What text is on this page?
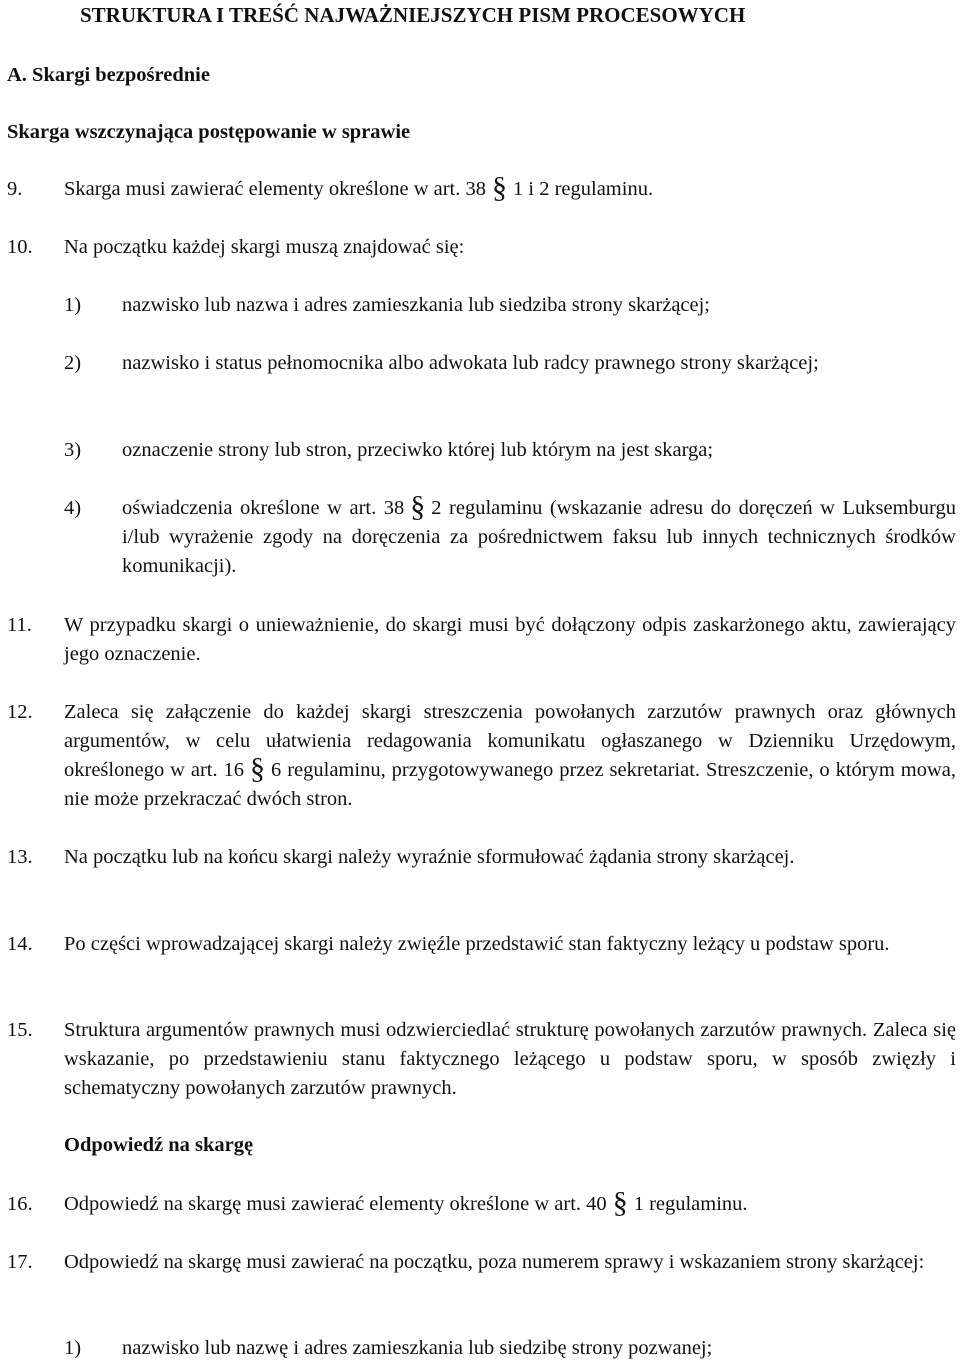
STRUKTURA I TREŚĆ NAJWAŻNIEJSZYCH PISM PROCESOWYCH
A. Skargi bezpośrednie
Skarga wszczynająca postępowanie w sprawie
9. Skarga musi zawierać elementy określone w art. 38 § 1 i 2 regulaminu.
10. Na początku każdej skargi muszą znajdować się:
1) nazwisko lub nazwa i adres zamieszkania lub siedziba strony skarżącej;
2) nazwisko i status pełnomocnika albo adwokata lub radcy prawnego strony skarżącej;
3) oznaczenie strony lub stron, przeciwko której lub którym na jest skarga;
4) oświadczenia określone w art. 38 § 2 regulaminu (wskazanie adresu do doręczeń w Luksemburgu i/lub wyrażenie zgody na doręczenia za pośrednictwem faksu lub innych technicznych środków komunikacji).
11. W przypadku skargi o unieważnienie, do skargi musi być dołączony odpis zaskarżonego aktu, zawierający jego oznaczenie.
12. Zaleca się załączenie do każdej skargi streszczenia powołanych zarzutów prawnych oraz głównych argumentów, w celu ułatwienia redagowania komunikatu ogłaszanego w Dzienniku Urzędowym, określonego w art. 16 § 6 regulaminu, przygotowywanego przez sekretariat. Streszczenie, o którym mowa, nie może przekraczać dwóch stron.
13. Na początku lub na końcu skargi należy wyraźnie sformułować żądania strony skarżącej.
14. Po części wprowadzającej skargi należy zwięźle przedstawić stan faktyczny leżący u podstaw sporu.
15. Struktura argumentów prawnych musi odzwierciedlać strukturę powołanych zarzutów prawnych. Zaleca się wskazanie, po przedstawieniu stanu faktycznego leżącego u podstaw sporu, w sposób zwięzły i schematyczny powołanych zarzutów prawnych.
Odpowiedź na skargę
16. Odpowiedź na skargę musi zawierać elementy określone w art. 40 § 1 regulaminu.
17. Odpowiedź na skargę musi zawierać na początku, poza numerem sprawy i wskazaniem strony skarżącej:
1) nazwisko lub nazwę i adres zamieszkania lub siedzibę strony pozwanej;
